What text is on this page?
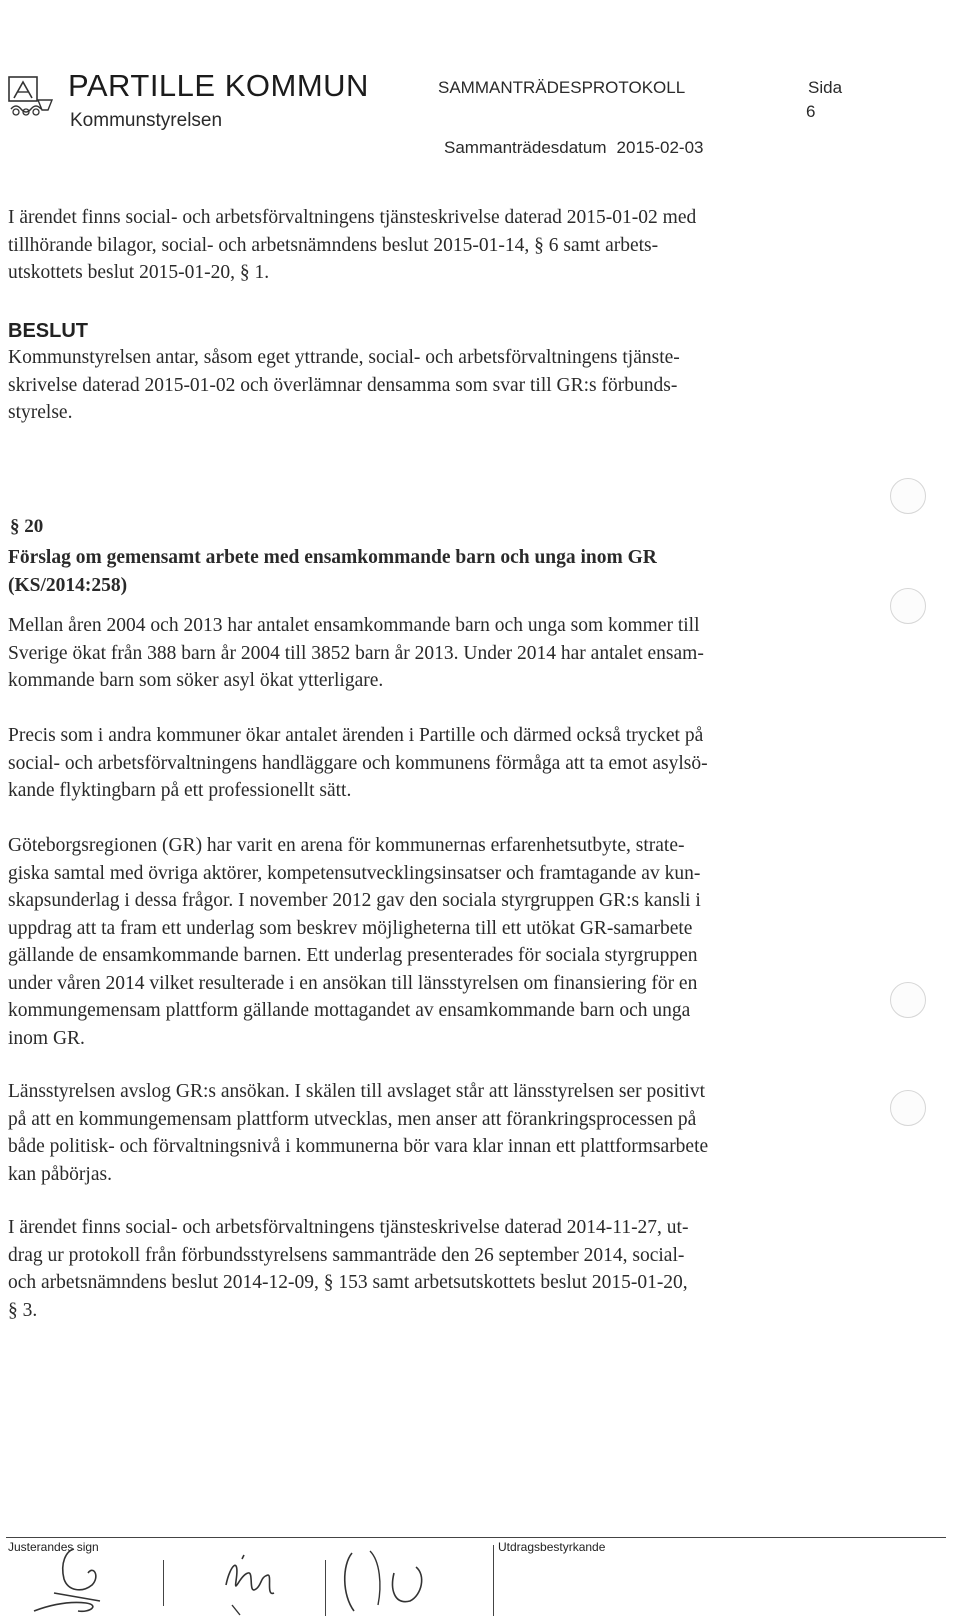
PARTILLE KOMMUN
Kommunstyrelsen
SAMMANTRÄDESPROTOKOLL	Sida
6
Sammanträdesdatum 2015-02-03

I ärendet finns social- och arbetsförvaltningens tjänsteskrivelse daterad 2015-01-02 med
tillhörande bilagor, social- och arbetsnämndens beslut 2015-01-14, § 6 samt arbets-
utskottets beslut 2015-01-20, § 1.

BESLUT

Kommunstyrelsen antar, såsom eget yttrande, social- och arbetsförvaltningens tjänste-
skrivelse daterad 2015-01-02 och överlämnar densamma som svar till GR:s förbunds-
styrelse.

§ 20
Förslag om gemensamt arbete med ensamkommande barn och unga inom GR
(KS/2014:258)

Mellan åren 2004 och 2013 har antalet ensamkommande barn och unga som kommer till
Sverige ökat från 388 barn år 2004 till 3852 barn år 2013. Under 2014 har antalet ensam-
kommande barn som söker asyl ökat ytterligare.

Precis som i andra kommuner ökar antalet ärenden i Partille och därmed också trycket på
social- och arbetsförvaltningens handläggare och kommunens förmåga att ta emot asylsö-
kande flyktingbarn på ett professionellt sätt.

Göteborgsregionen (GR) har varit en arena för kommunernas erfarenhetsutbyte, strate-
giska samtal med övriga aktörer, kompetensutvecklingsinsatser och framtagande av kun-
skapsunderlag i dessa frågor. I november 2012 gav den sociala styrgruppen GR:s kansli i
uppdrag att ta fram ett underlag som beskrev möjligheterna till ett utökat GR-samarbete
gällande de ensamkommande barnen. Ett underlag presenterades för sociala styrgruppen
under våren 2014 vilket resulterade i en ansökan till länsstyrelsen om finansiering för en
kommungemensam plattform gällande mottagandet av ensamkommande barn och unga
inom GR.

Länsstyrelsen avslog GR:s ansökan. I skälen till avslaget står att länsstyrelsen ser positivt
på att en kommungemensam plattform utvecklas, men anser att förankringsprocessen på
både politisk- och förvaltningsnivå i kommunerna bör vara klar innan ett plattformsarbete
kan påbörjas.

I ärendet finns social- och arbetsförvaltningens tjänsteskrivelse daterad 2014-11-27, ut-
drag ur protokoll från förbundsstyrelsens sammanträde den 26 september 2014, social-
och arbetsnämndens beslut 2014-12-09, § 153 samt arbetsutskottets beslut 2015-01-20,
§ 3.

Justerandes sign	Utdragsbestyrkande
